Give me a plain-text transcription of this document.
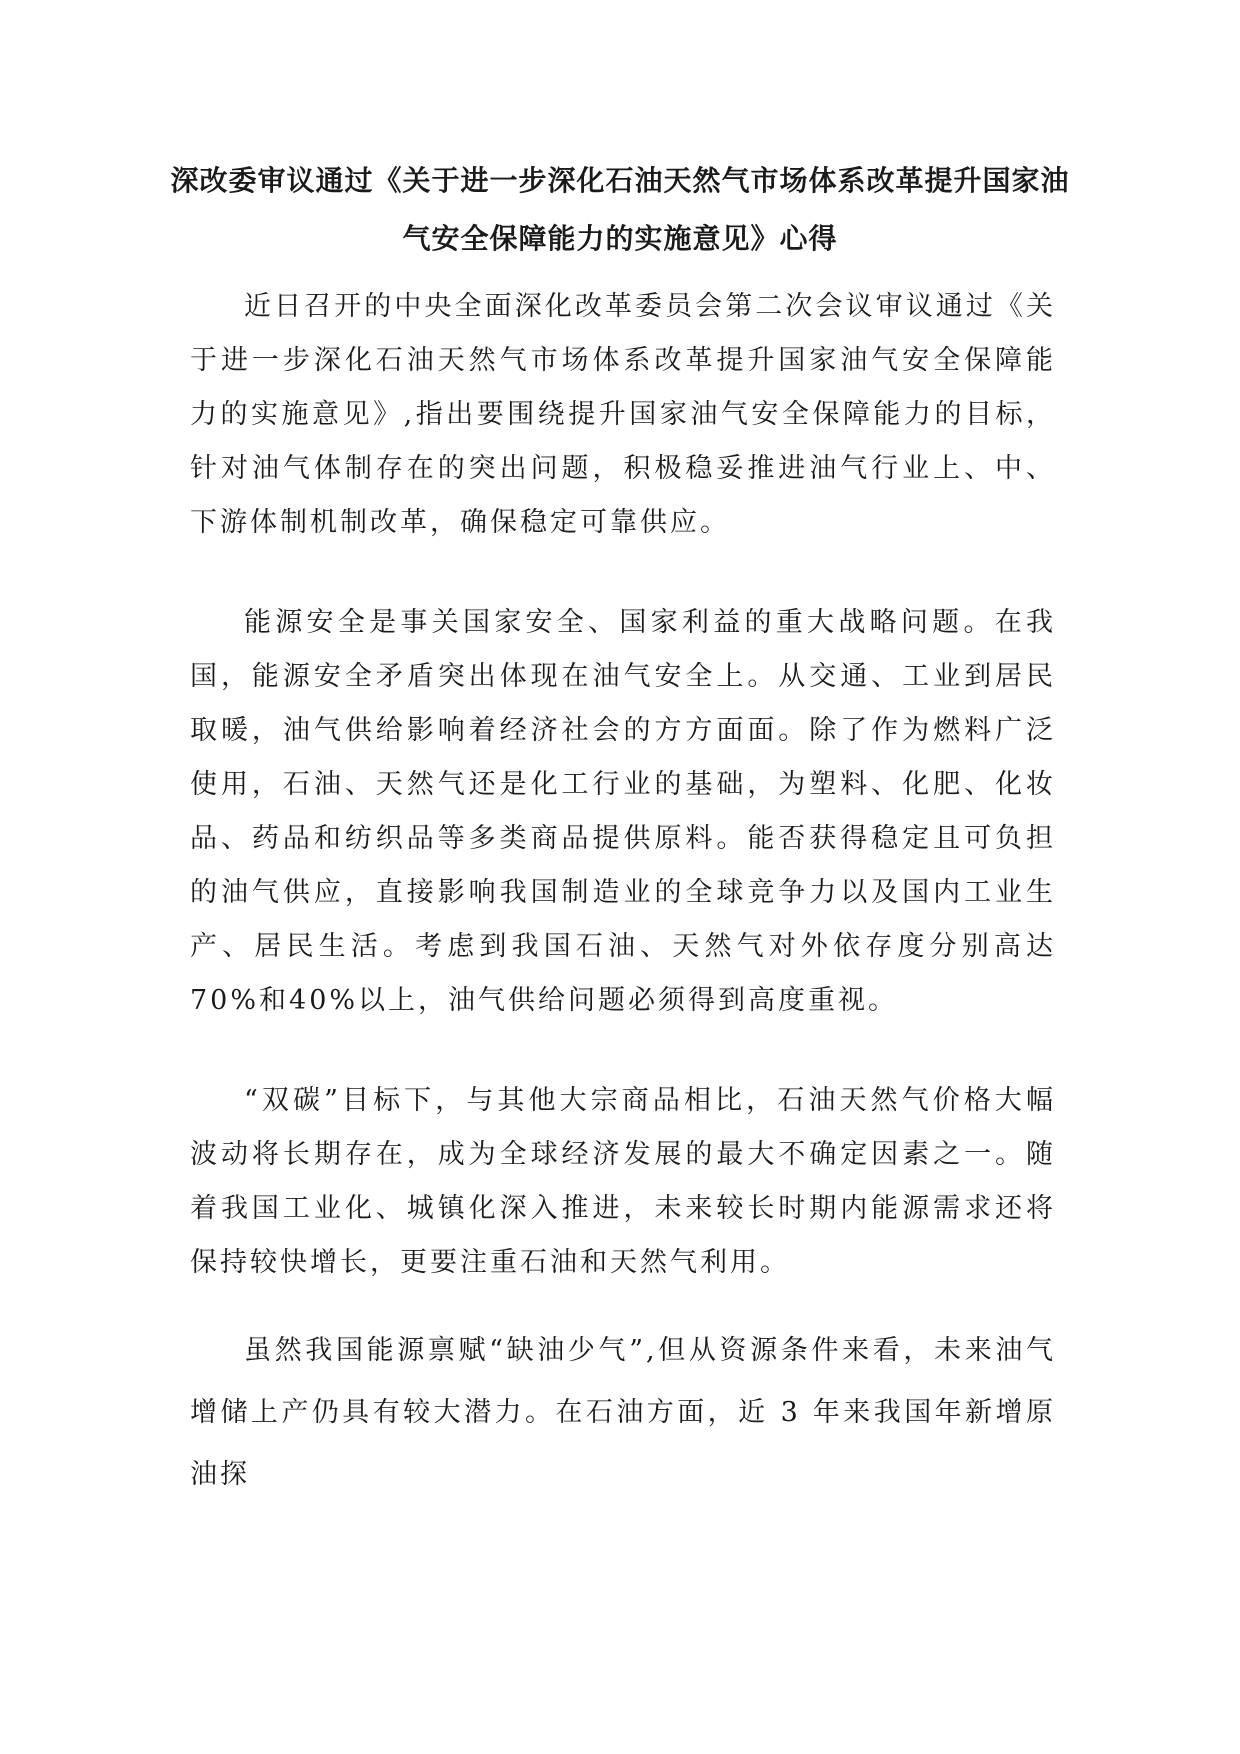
深改委审议通过《关于进一步深化石油天然气市场体系改革提升国家油气安全保障能力的实施意见》心得

近日召开的中央全面深化改革委员会第二次会议审议通过《关于进一步深化石油天然气市场体系改革提升国家油气安全保障能力的实施意见》,指出要围绕提升国家油气安全保障能力的目标，针对油气体制存在的突出问题，积极稳妥推进油气行业上、中、下游体制机制改革，确保稳定可靠供应。

能源安全是事关国家安全、国家利益的重大战略问题。在我国，能源安全矛盾突出体现在油气安全上。从交通、工业到居民取暖，油气供给影响着经济社会的方方面面。除了作为燃料广泛使用，石油、天然气还是化工行业的基础，为塑料、化肥、化妆品、药品和纺织品等多类商品提供原料。能否获得稳定且可负担的油气供应，直接影响我国制造业的全球竞争力以及国内工业生产、居民生活。考虑到我国石油、天然气对外依存度分别高达70%和40%以上，油气供给问题必须得到高度重视。

“双碳”目标下，与其他大宗商品相比，石油天然气价格大幅波动将长期存在，成为全球经济发展的最大不确定因素之一。随着我国工业化、城镇化深入推进，未来较长时期内能源需求还将保持较快增长，更要注重石油和天然气利用。

虽然我国能源禀赋“缺油少气”,但从资源条件来看，未来油气增储上产仍具有较大潜力。在石油方面，近 3 年来我国年新增原油探
